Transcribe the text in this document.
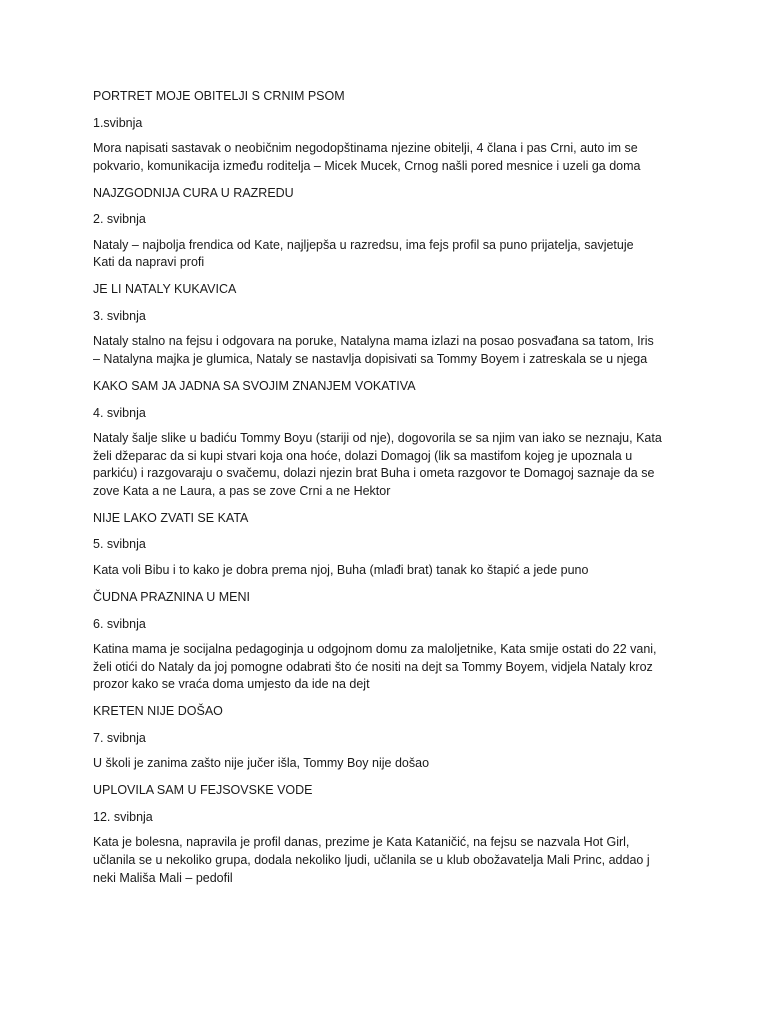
PORTRET MOJE OBITELJI S CRNIM PSOM

1.svibnja

Mora napisati sastavak o neobičnim negodopštinama njezine obitelji, 4 člana i pas Crni, auto im se
pokvario, komunikacija između roditelja – Micek Mucek, Crnog našli pored mesnice i uzeli ga doma

NAJZGODNIJA CURA U RAZREDU

2. svibnja

Nataly – najbolja frendica od Kate, najljepša u razredsu, ima fejs profil sa puno prijatelja, savjetuje
Kati da napravi profi

JE LI NATALY KUKAVICA

3. svibnja

Nataly stalno na fejsu i odgovara na poruke, Natalyna mama izlazi na posao posvađana sa tatom, Iris
– Natalyna majka je glumica, Nataly se nastavlja dopisivati sa Tommy Boyem i zatreskala se u njega

KAKO SAM JA JADNA SA SVOJIM ZNANJEM VOKATIVA

4. svibnja

Nataly šalje slike u badiću Tommy Boyu (stariji od nje), dogovorila se sa njim van iako se neznaju, Kata
želi džeparac da si kupi stvari koja ona hoće, dolazi Domagoj (lik sa mastifom kojeg je upoznala u
parkiću) i razgovaraju o svačemu, dolazi njezin brat Buha i ometa razgovor te Domagoj saznaje da se
zove Kata a ne Laura, a pas se zove Crni a ne Hektor

NIJE LAKO ZVATI SE KATA

5. svibnja

Kata voli Bibu i to kako je dobra prema njoj, Buha (mlađi brat) tanak ko štapić a jede puno

ČUDNA PRAZNINA U MENI

6. svibnja

Katina mama je socijalna pedagoginja u odgojnom domu za maloljetnike, Kata smije ostati do 22 vani,
želi otići do Nataly da joj pomogne odabrati što će nositi na dejt sa Tommy Boyem, vidjela Nataly kroz
prozor kako se vraća doma umjesto da ide na dejt

KRETEN NIJE DOŠAO

7. svibnja

U školi je zanima zašto nije jučer išla, Tommy Boy nije došao

UPLOVILA SAM U FEJSOVSKE VODE

12. svibnja

Kata je bolesna, napravila je profil danas, prezime je Kata Kataničić, na fejsu se nazvala Hot Girl,
učlanila se u nekoliko grupa, dodala nekoliko ljudi, učlanila se u klub obožavatelja Mali Princ, addao j
neki Mališa Mali – pedofil
